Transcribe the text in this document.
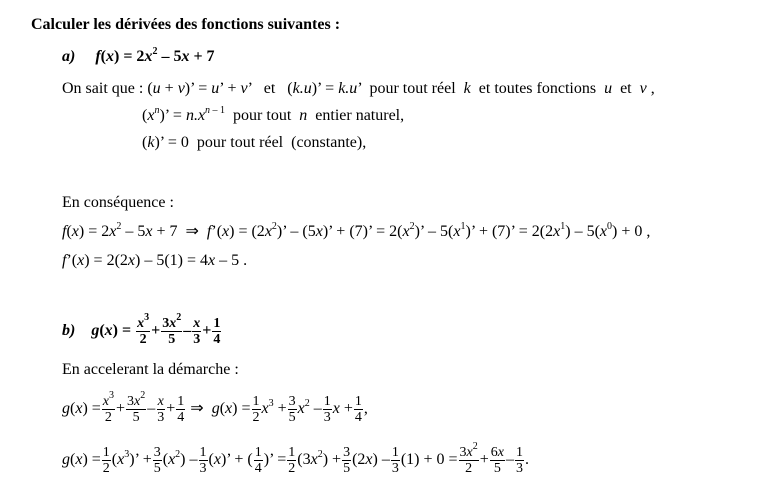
Calculer les dérivées des fonctions suivantes :
a) $f(x) = 2x^2 - 5x + 7$
On sait que : (u + v)’ = u’ + v’   et   (k.u)’ = k.u’  pour tout réel  k  et toutes fonctions  u  et  v ,
$(x^n)$’ = $n.x^{n - 1}$  pour tout  n  entier naturel,
(k)’ = 0  pour tout réel  (constante),
En conséquence :
$f(x) = 2x^2 - 5x + 7$  ⇒  f’(x) = $(2x^2)$’ – (5x)’ + (7)’ = $2(x^2)$’ – $5(x^1)$’ + (7)’ = $2(2x^1) - 5(x^0) + 0$ ,
f’(x) = 2(2x) – 5(1) = 4x – 5 .
b) $g(x) = \frac{x^3}{2} + \frac{3x^2}{5} - \frac{x}{3} + \frac{1}{4}$
En accelerant la démarche :
$g(x) = \frac{x^3}{2} + \frac{3x^2}{5} - \frac{x}{3} + \frac{1}{4}$ ⇒  $g(x) = \frac{1}{2} x^3 + \frac{3}{5} x^2 - \frac{1}{3}$ $x + \frac{1}{4}$ ,
$g(x) = \frac{1}{2} (x^3)$’ + $\frac{3}{5} (x^2) - \frac{1}{3} (x)$’ + ( $\frac{1}{4}$ )’ = $\frac{1}{2} (3x^2) + \frac{3}{5} (2x) - \frac{1}{3} (1) + 0 = \frac{3x^2}{2} + \frac{6x}{5} - \frac{1}{3}$ .
